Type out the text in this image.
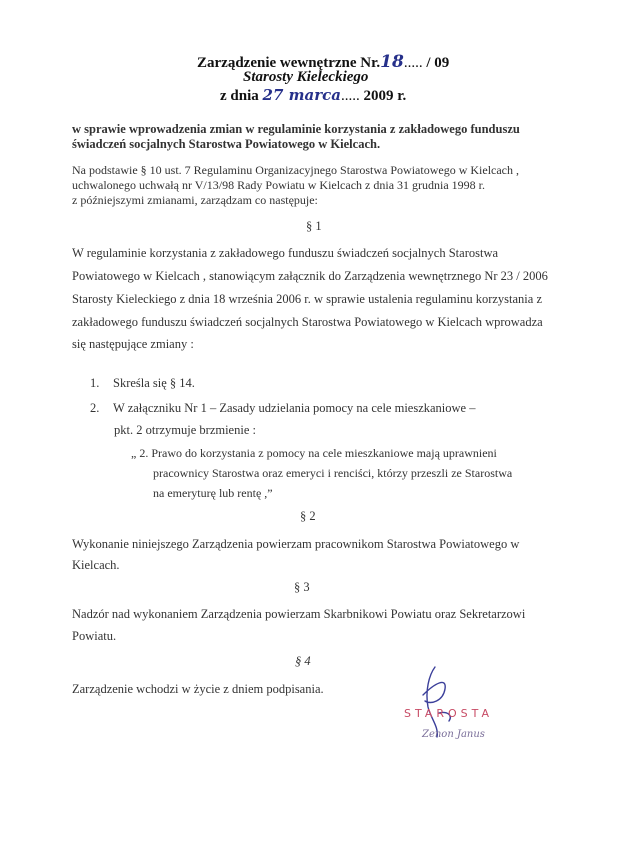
Zarządzenie wewnętrzne Nr.18..... / 09
Starosty Kieleckiego
z dnia 27 marca..... 2009 r.
w sprawie wprowadzenia zmian w regulaminie korzystania z zakładowego funduszu
świadczeń socjalnych Starostwa Powiatowego w Kielcach.
Na podstawie § 10 ust. 7 Regulaminu Organizacyjnego Starostwa Powiatowego w Kielcach ,
uchwalonego uchwałą nr V/13/98 Rady Powiatu w Kielcach z dnia 31 grudnia 1998 r.
z późniejszymi zmianami, zarządzam co następuje:
§ 1
W regulaminie korzystania z zakładowego funduszu świadczeń socjalnych Starostwa
Powiatowego w Kielcach , stanowiącym załącznik do Zarządzenia wewnętrznego Nr 23 / 2006
Starosty Kieleckiego z dnia 18 września 2006 r. w sprawie ustalenia regulaminu korzystania z
zakładowego funduszu świadczeń socjalnych Starostwa Powiatowego w Kielcach wprowadza
się następujące zmiany :
1. Skreśla się § 14.
2. W załączniku Nr 1 – Zasady udzielania pomocy na cele mieszkaniowe –
pkt. 2 otrzymuje brzmienie :
„ 2. Prawo do korzystania z pomocy na cele mieszkaniowe mają uprawnieni
pracownicy Starostwa oraz emeryci i renciści, którzy przeszli ze Starostwa
na emeryturę lub rentę ,”
§ 2
Wykonanie niniejszego Zarządzenia powierzam pracownikom Starostwa Powiatowego w
Kielcach.
§ 3
Nadzór nad wykonaniem Zarządzenia powierzam Skarbnikowi Powiatu oraz Sekretarzowi
Powiatu.
§ 4
Zarządzenie wchodzi w życie z dniem podpisania.
STAROSTA
Zenon Janus
